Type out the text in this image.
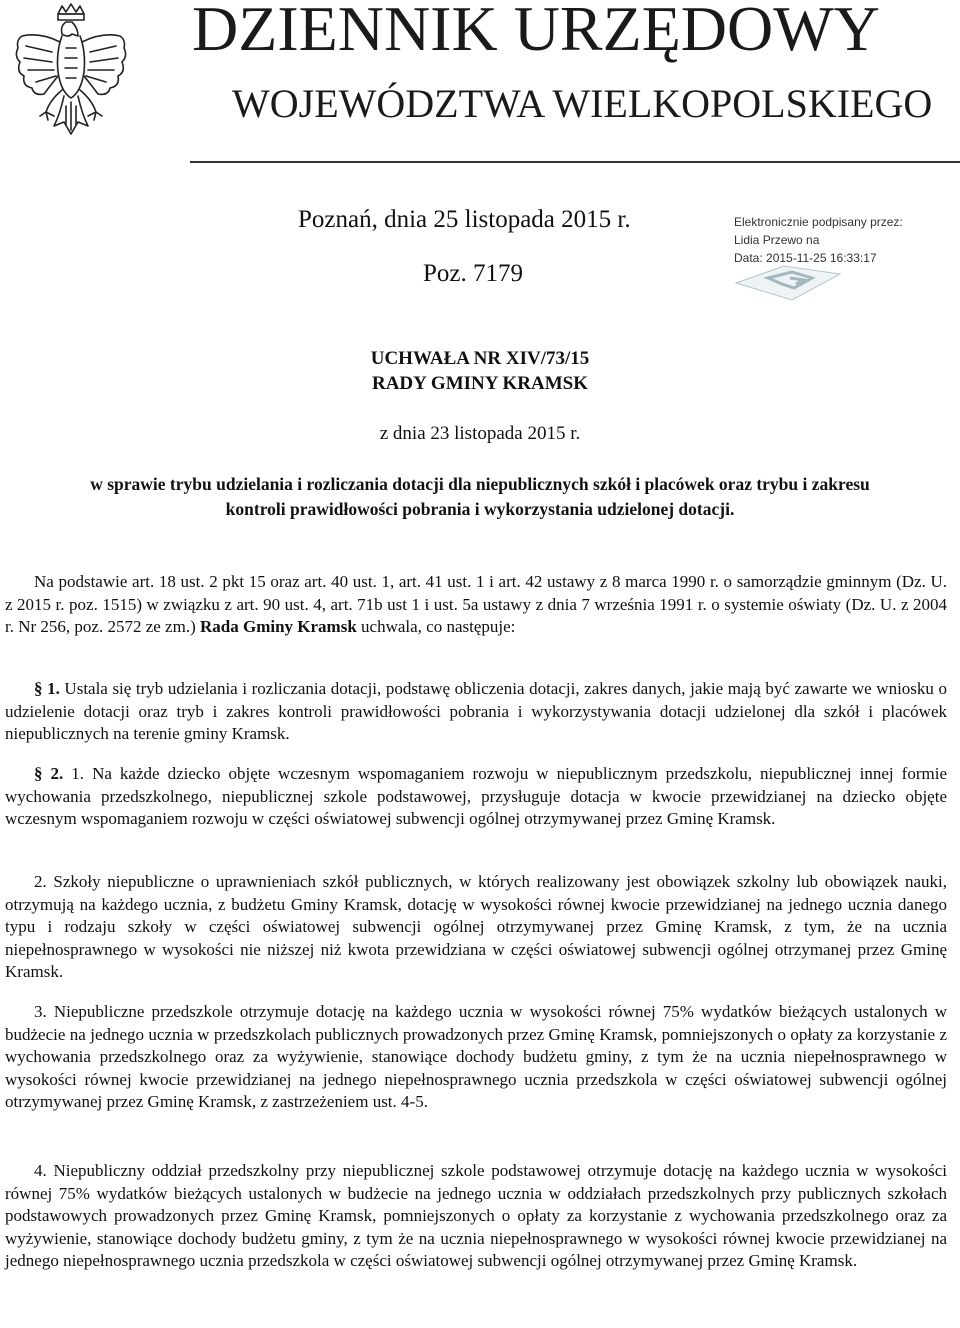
DZIENNIK URZĘDOWY
WOJEWÓDZTWA WIELKOPOLSKIEGO
Poznań, dnia 25 listopada 2015 r.
Poz. 7179
Elektronicznie podpisany przez:
Lidia Przewo na
Data: 2015-11-25 16:33:17
UCHWAŁA NR XIV/73/15
RADY GMINY KRAMSK
z dnia 23 listopada 2015 r.
w sprawie trybu udzielania i rozliczania dotacji dla niepublicznych szkół i placówek oraz trybu i zakresu
kontroli prawidłowości pobrania i wykorzystania udzielonej dotacji.
Na podstawie art. 18 ust. 2 pkt 15 oraz art. 40 ust. 1, art. 41 ust. 1 i art. 42 ustawy z 8 marca 1990 r. o samorządzie gminnym (Dz. U. z 2015 r. poz. 1515) w związku z art. 90 ust. 4, art. 71b ust 1 i ust. 5a ustawy z dnia 7 września 1991 r. o systemie oświaty (Dz. U. z 2004 r. Nr 256, poz. 2572 ze zm.) Rada Gminy Kramsk uchwala, co następuje:
§ 1. Ustala się tryb udzielania i rozliczania dotacji, podstawę obliczenia dotacji, zakres danych, jakie mają być zawarte we wniosku o udzielenie dotacji oraz tryb i zakres kontroli prawidłowości pobrania i wykorzystywania dotacji udzielonej dla szkół i placówek niepublicznych na terenie gminy Kramsk.
§ 2. 1. Na każde dziecko objęte wczesnym wspomaganiem rozwoju w niepublicznym przedszkolu, niepublicznej innej formie wychowania przedszkolnego, niepublicznej szkole podstawowej, przysługuje dotacja w kwocie przewidzianej na dziecko objęte wczesnym wspomaganiem rozwoju w części oświatowej subwencji ogólnej otrzymywanej przez Gminę Kramsk.
2. Szkoły niepubliczne o uprawnieniach szkół publicznych, w których realizowany jest obowiązek szkolny lub obowiązek nauki, otrzymują na każdego ucznia, z budżetu Gminy Kramsk, dotację w wysokości równej kwocie przewidzianej na jednego ucznia danego typu i rodzaju szkoły w części oświatowej subwencji ogólnej otrzymywanej przez Gminę Kramsk, z tym, że na ucznia niepełnosprawnego w wysokości nie niższej niż kwota przewidziana w części oświatowej subwencji ogólnej otrzymanej przez Gminę Kramsk.
3. Niepubliczne przedszkole otrzymuje dotację na każdego ucznia w wysokości równej 75% wydatków bieżących ustalonych w budżecie na jednego ucznia w przedszkolach publicznych prowadzonych przez Gminę Kramsk, pomniejszonych o opłaty za korzystanie z wychowania przedszkolnego oraz za wyżywienie, stanowiące dochody budżetu gminy, z tym że na ucznia niepełnosprawnego w wysokości równej kwocie przewidzianej na jednego niepełnosprawnego ucznia przedszkola w części oświatowej subwencji ogólnej otrzymywanej przez Gminę Kramsk, z zastrzeżeniem ust. 4-5.
4. Niepubliczny oddział przedszkolny przy niepublicznej szkole podstawowej otrzymuje dotację na każdego ucznia w wysokości równej 75% wydatków bieżących ustalonych w budżecie na jednego ucznia w oddziałach przedszkolnych przy publicznych szkołach podstawowych prowadzonych przez Gminę Kramsk, pomniejszonych o opłaty za korzystanie z wychowania przedszkolnego oraz za wyżywienie, stanowiące dochody budżetu gminy, z tym że na ucznia niepełnosprawnego w wysokości równej kwocie przewidzianej na jednego niepełnosprawnego ucznia przedszkola w części oświatowej subwencji ogólnej otrzymywanej przez Gminę Kramsk.
